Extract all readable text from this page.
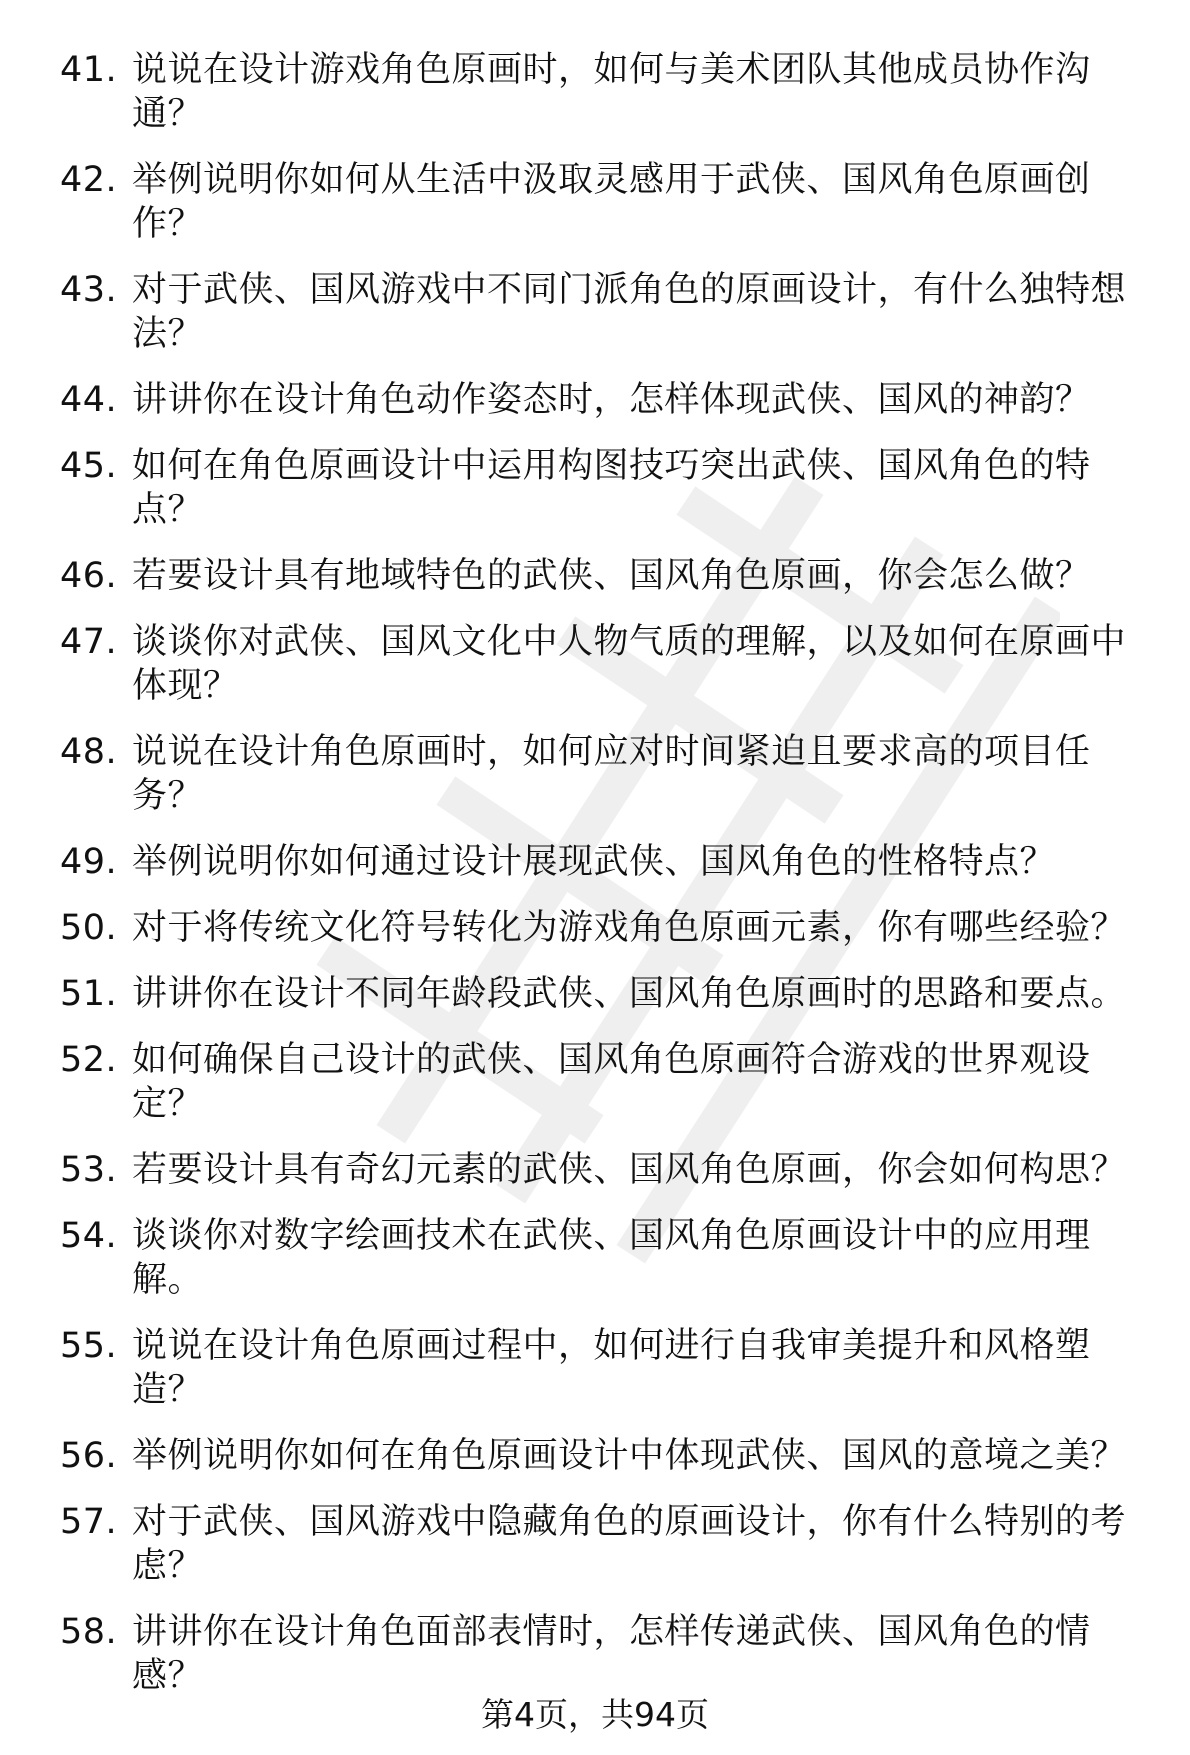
41. 说说在设计游戏角色原画时，如何与美术团队其他成员协作沟通？
42. 举例说明你如何从生活中汲取灵感用于武侠、国风角色原画创作？
43. 对于武侠、国风游戏中不同门派角色的原画设计，有什么独特想法？
44. 讲讲你在设计角色动作姿态时，怎样体现武侠、国风的神韵？
45. 如何在角色原画设计中运用构图技巧突出武侠、国风角色的特点？
46. 若要设计具有地域特色的武侠、国风角色原画，你会怎么做？
47. 谈谈你对武侠、国风文化中人物气质的理解，以及如何在原画中体现？
48. 说说在设计角色原画时，如何应对时间紧迫且要求高的项目任务？
49. 举例说明你如何通过设计展现武侠、国风角色的性格特点？
50. 对于将传统文化符号转化为游戏角色原画元素，你有哪些经验？
51. 讲讲你在设计不同年龄段武侠、国风角色原画时的思路和要点。
52. 如何确保自己设计的武侠、国风角色原画符合游戏的世界观设定？
53. 若要设计具有奇幻元素的武侠、国风角色原画，你会如何构思？
54. 谈谈你对数字绘画技术在武侠、国风角色原画设计中的应用理解。
55. 说说在设计角色原画过程中，如何进行自我审美提升和风格塑造？
56. 举例说明你如何在角色原画设计中体现武侠、国风的意境之美？
57. 对于武侠、国风游戏中隐藏角色的原画设计，你有什么特别的考虑？
58. 讲讲你在设计角色面部表情时，怎样传递武侠、国风角色的情感？
第4页，共94页
